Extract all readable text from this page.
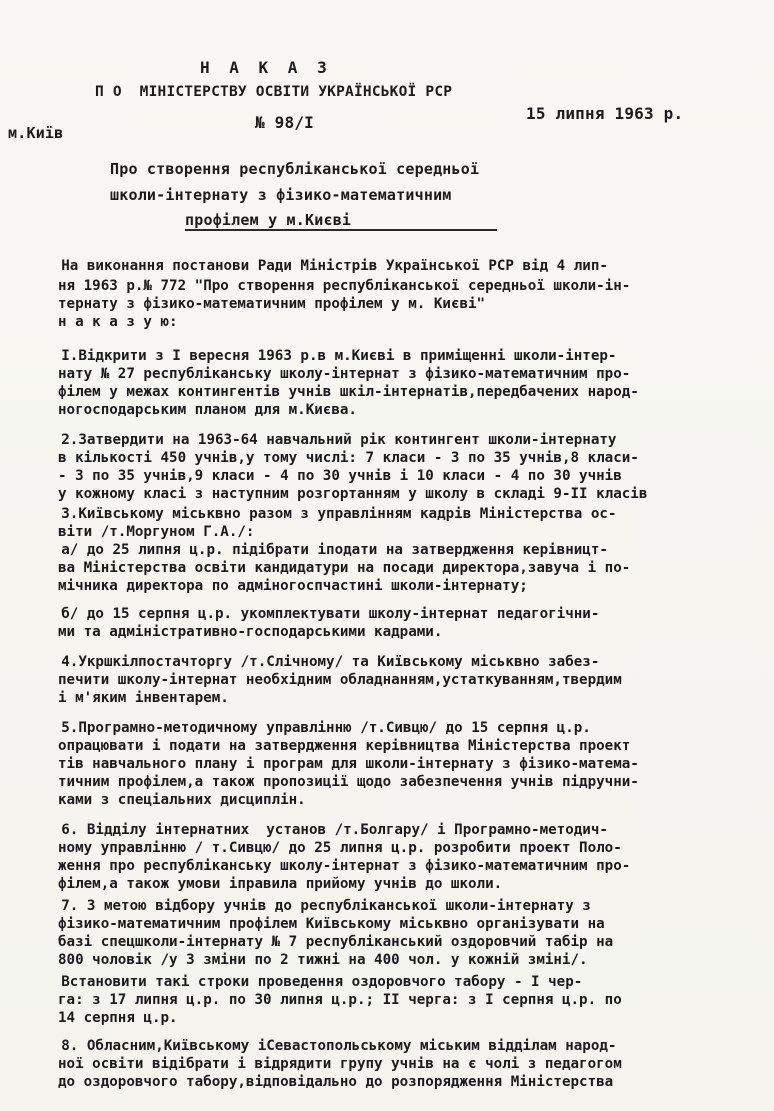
Н А К А З
П О  МІНІСТЕРСТВУ ОСВІТИ УКРАЇНСЬКОЇ РСР
м.Київ
№ 98/І	15 липня 1963 р.
Про створення республіканської середньої
школи-інтернату з фізико-математичним
профілем у м.Києві
На виконання постанови Ради Міністрів Української РСР від 4 лип-
ня 1963 р.№ 772 "Про створення республіканської середньої школи-ін-
тернату з фізико-математичним профілем у м. Києві"
н а к а з у ю:
І.Відкрити з І вересня 1963 р.в м.Києві в приміщенні школи-інтер-
нату № 27 республіканську школу-інтернат з фізико-математичним про-
філем у межах контингентів учнів шкіл-інтернатів,передбачених народ-
ногосподарським планом для м.Києва.
2.Затвердити на 1963-64 навчальний рік контингент школи-інтернату
в кількості 450 учнів,у тому числі: 7 класи - 3 по 35 учнів,8 класи-
- 3 по 35 учнів,9 класи - 4 по 30 учнів і 10 класи - 4 по 30 учнів
у кожному класі з наступним розгортанням у школу в складі 9-ІІ класів
3.Київському міськвно разом з управлінням кадрів Міністерства ос-
віти /т.Моргуном Г.А./:
а/ до 25 липня ц.р. підібрати іподати на затвердження керівницт-
ва Міністерства освіти кандидатури на посади директора,завуча і по-
мічника директора по адміногоспчастині школи-інтернату;
б/ до 15 серпня ц.р. укомплектувати школу-інтернат педагогічни-
ми та адміністративно-господарськими кадрами.
4.Укршкілпостачторгу /т.Слічному/ та Київському міськвно забез-
печити школу-інтернат необхідним обладнанням,устаткуванням,твердим
і м'яким інвентарем.
5.Програмно-методичному управлінню /т.Сивцю/ до 15 серпня ц.р.
опрацювати і подати на затвердження керівництва Міністерства проект
тів навчального плану і програм для школи-інтернату з фізико-матема-
тичним профілем,а також пропозиції щодо забезпечення учнів підручни-
ками з спеціальних дисциплін.
6. Відділу інтернатних  установ /т.Болгару/ і Програмно-методич-
ному управлінню / т.Сивцю/ до 25 липня ц.р. розробити проект Поло-
ження про республіканську школу-інтернат з фізико-математичним про-
філем,а також умови іправила прийому учнів до школи.
7. З метою відбору учнів до республіканської школи-інтернату з
фізико-математичним профілем Київському міськвно організувати на
базі спецшколи-інтернату № 7 республіканський оздоровчий табір на
800 чоловік /у 3 зміни по 2 тижні на 400 чол. у кожній зміні/.
Встановити такі строки проведення оздоровчого табору - І чер-
га: з 17 липня ц.р. по 30 липня ц.р.; ІІ черга: з І серпня ц.р. по
14 серпня ц.р.
8. Обласним,Київському іСевастопольському міським відділам народ-
ної освіти відібрати і відрядити групу учнів на є чолі з педагогом
до оздоровчого табору,відповідально до розпорядження Міністерства
